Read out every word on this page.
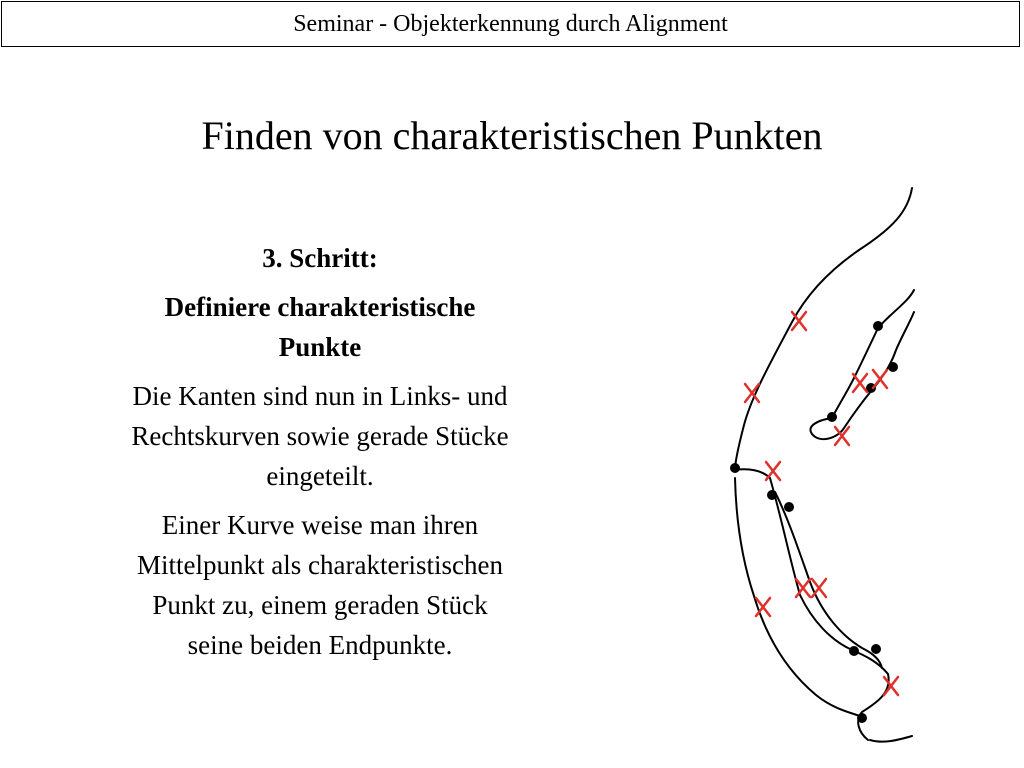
Seminar - Objekterkennung durch Alignment
Finden von charakteristischen Punkten

3. Schritt:

Definiere charakteristische
Punkte

Die Kanten sind nun in Links- und
Rechtskurven sowie gerade Stücke
eingeteilt.

Einer Kurve weise man ihren
Mittelpunkt als charakteristischen
Punkt zu, einem geraden Stück
seine beiden Endpunkte.
